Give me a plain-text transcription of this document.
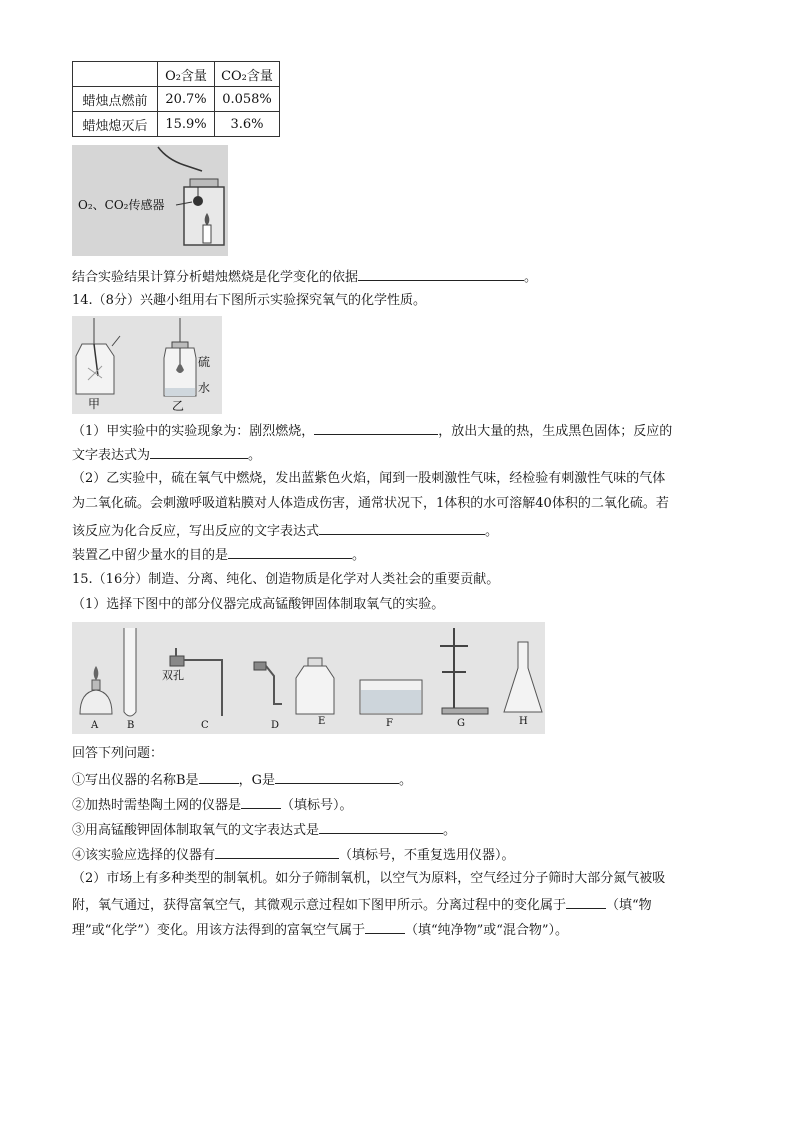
	O₂含量	CO₂含量
蜡烛点燃前	20.7%	0.058%
蜡烛熄灭后	15.9%	3.6%
O₂、CO₂传感器
结合实验结果计算分析蜡烛燃烧是化学变化的依据	。
14.（8分）兴趣小组用右下图所示实验探究氧气的化学性质。
硫
水
甲	乙
（1）甲实验中的实验现象为：剧烈燃烧，	，放出大量的热，生成黑色固体；反应的
文字表达式为	。
（2）乙实验中，硫在氧气中燃烧，发出蓝紫色火焰，闻到一股刺激性气味，经检验有刺激性气味的气体
为二氧化硫。会刺激呼吸道粘膜对人体造成伤害，通常状况下，1体积的水可溶解40体积的二氧化硫。若
该反应为化合反应，写出反应的文字表达式	。
装置乙中留少量水的目的是	。
15.（16分）制造、分离、纯化、创造物质是化学对人类社会的重要贡献。
（1）选择下图中的部分仪器完成高锰酸钾固体制取氧气的实验。
双孔
A	B	C	D	E	F	G	H
回答下列问题：
①写出仪器的名称B是	，G是	。
②加热时需垫陶土网的仪器是	（填标号）。
③用高锰酸钾固体制取氧气的文字表达式是	。
④该实验应选择的仪器有	（填标号，不重复选用仪器）。
（2）市场上有多种类型的制氧机。如分子筛制氧机，以空气为原料，空气经过分子筛时大部分氮气被吸
附，氧气通过，获得富氧空气，其微观示意过程如下图甲所示。分离过程中的变化属于	（填“物
理”或“化学”）变化。用该方法得到的富氧空气属于	（填“纯净物”或“混合物”）。
